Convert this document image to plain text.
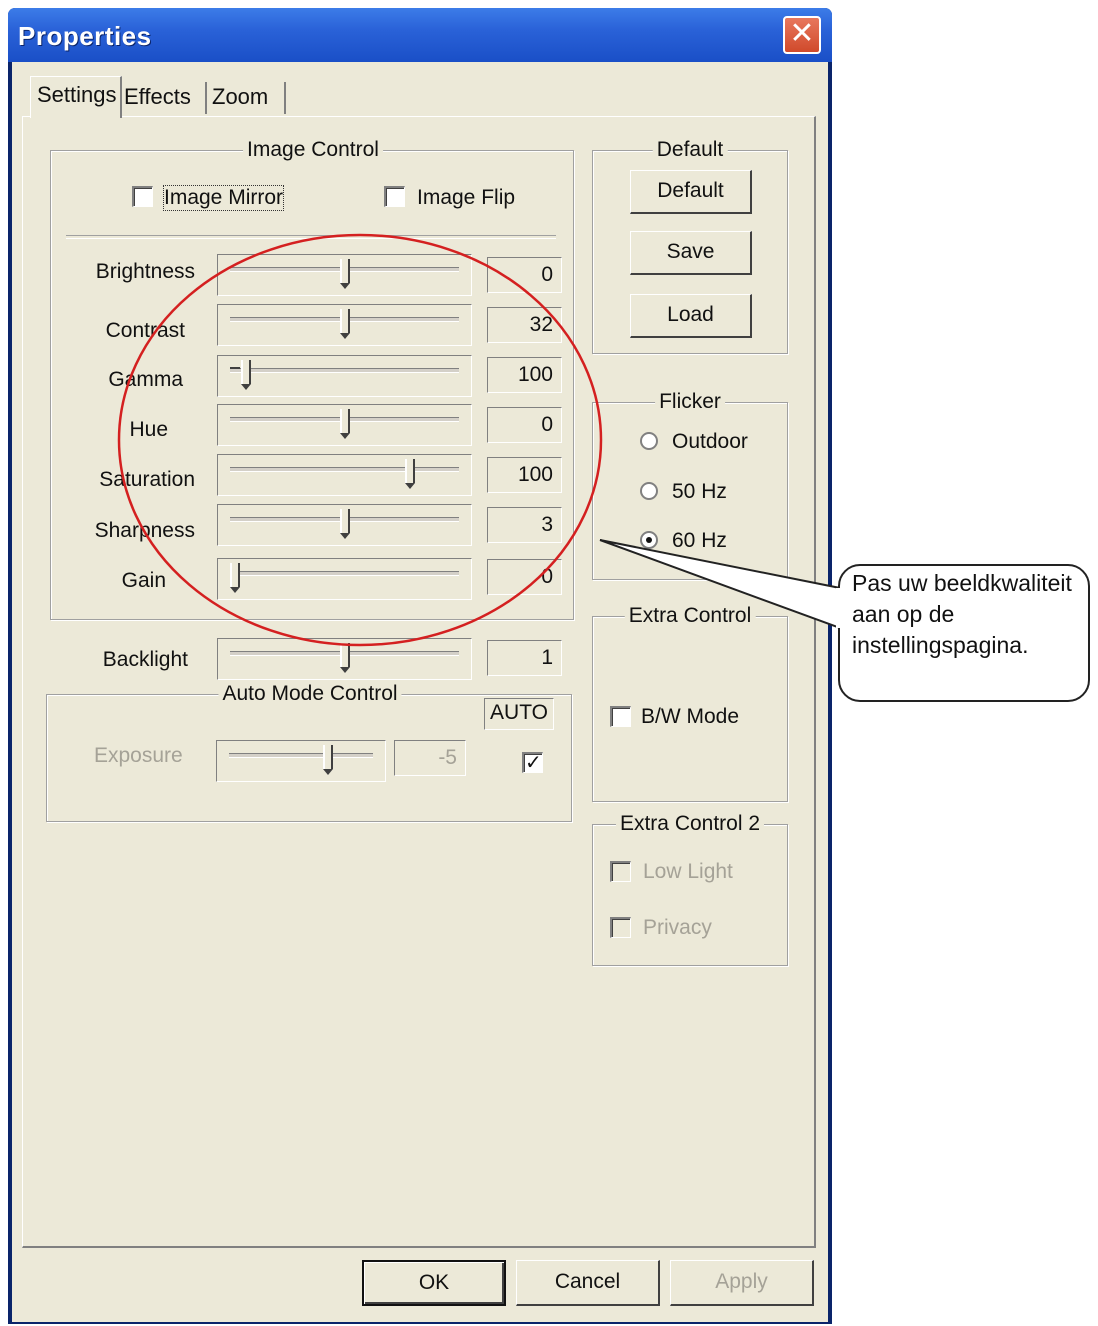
Properties	✕
Settings Effects Zoom
Image Control
Image Mirror	Image Flip
Brightness	0
Contrast	32
Gamma	100
Hue	0
Saturation	100
Sharpness	3
Gain	0
Backlight	1
Auto Mode Control
AUTO
Exposure	-5	✓
Default
Default
Save
Load
Flicker
Outdoor
50 Hz
60 Hz
Extra Control
B/W Mode
Extra Control 2
Low Light
Privacy
OK	Cancel	Apply
Pas uw beeldkwaliteit aan op de instellingspagina.
